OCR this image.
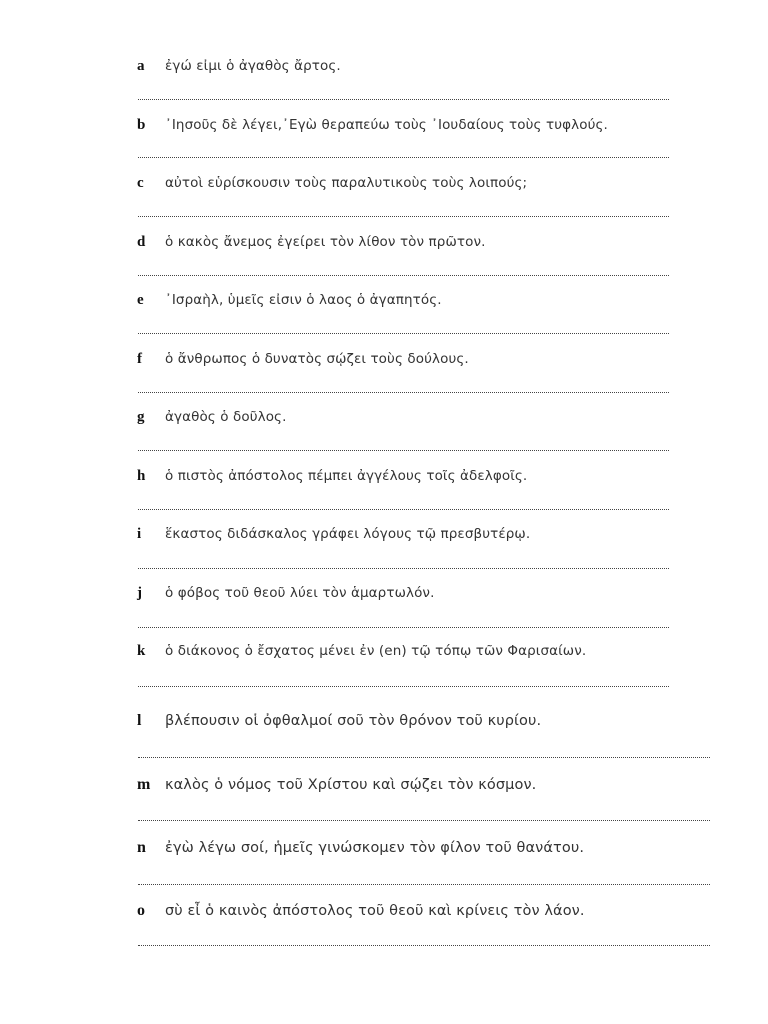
a	ἐγώ εἰμι ὁ ἀγαθὸς ἄρτος.
b	᾽Ιησοῦς δὲ λέγει,᾽Εγὼ θεραπεύω τοὺς ᾽Ιουδαίους τοὺς τυφλούς.
c	αὐτοὶ εὑρίσκουσιν τοὺς παραλυτικοὺς τοὺς λοιπούς;
d	ὁ κακὸς ἄνεμος ἐγείρει τὸν λίθον τὸν πρῶτον.
e	᾽Ισραὴλ, ὑμεῖς εἰσιν ὁ λαος ὁ ἀγαπητός.
f	ὁ ἄνθρωπος ὁ δυνατὸς σῴζει τοὺς δούλους.
g	ἀγαθὸς ὁ δοῦλος.
h	ὁ πιστὸς ἀπόστολος πέμπει ἀγγέλους τοῖς ἀδελφοῖς.
i	ἕκαστος διδάσκαλος γράφει λόγους τῷ πρεσβυτέρῳ.
j	ὁ φόβος τοῦ θεοῦ λύει τὸν ἁμαρτωλόν.
k	ὁ διάκονος ὁ ἔσχατος μένει ἐν (en) τῷ τόπῳ τῶν Φαρισαίων.
l	βλέπουσιν οἱ ὀφθαλμοί σοῦ τὸν θρόνον τοῦ κυρίου.
m	καλὸς ὁ νόμος τοῦ Χρίστου καὶ σῴζει τὸν κόσμον.
n	ἐγὼ λέγω σοί, ἡμεῖς γινώσκομεν τὸν φίλον τοῦ θανάτου.
o	σὺ εἶ ὁ καινὸς ἀπόστολος τοῦ θεοῦ καὶ κρίνεις τὸν λάον.
